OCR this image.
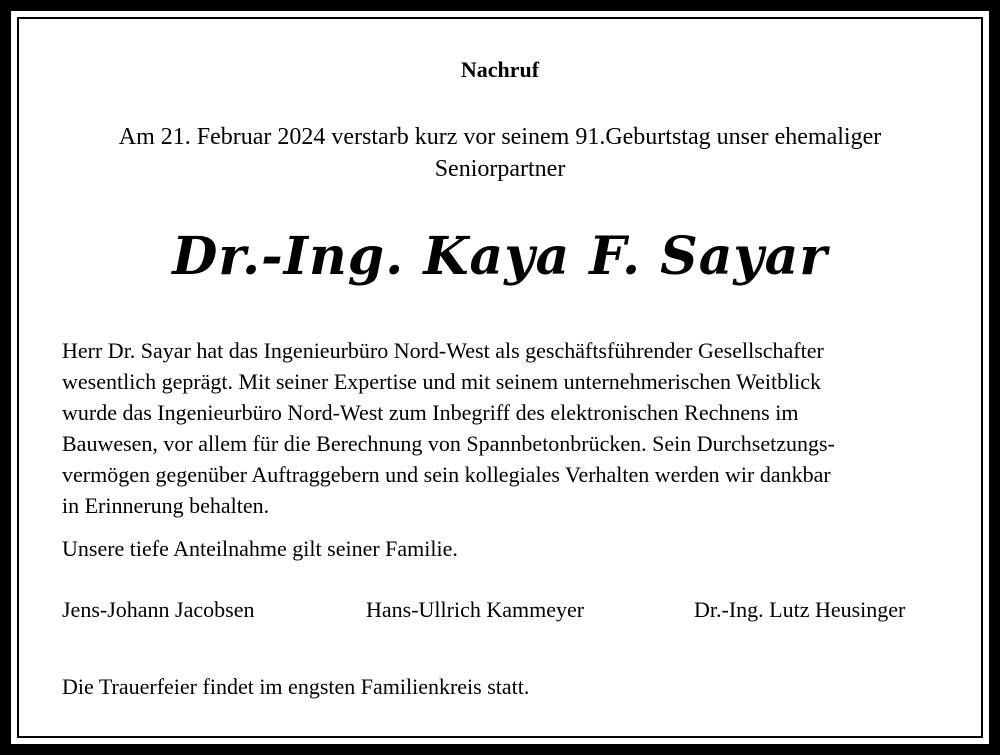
Nachruf
Am 21. Februar 2024 verstarb kurz vor seinem 91.Geburtstag unser ehemaliger
Seniorpartner
Dr.-Ing. Kaya F. Sayar
Herr Dr. Sayar hat das Ingenieurbüro Nord-West als geschäftsführender Gesellschafter
wesentlich geprägt. Mit seiner Expertise und mit seinem unternehmerischen Weitblick
wurde das Ingenieurbüro Nord-West zum Inbegriff des elektronischen Rechnens im
Bauwesen, vor allem für die Berechnung von Spannbetonbrücken. Sein Durchsetzungs-
vermögen gegenüber Auftraggebern und sein kollegiales Verhalten werden wir dankbar
in Erinnerung behalten.
Unsere tiefe Anteilnahme gilt seiner Familie.
Jens-Johann Jacobsen	Hans-Ullrich Kammeyer	Dr.-Ing. Lutz Heusinger
Die Trauerfeier findet im engsten Familienkreis statt.
